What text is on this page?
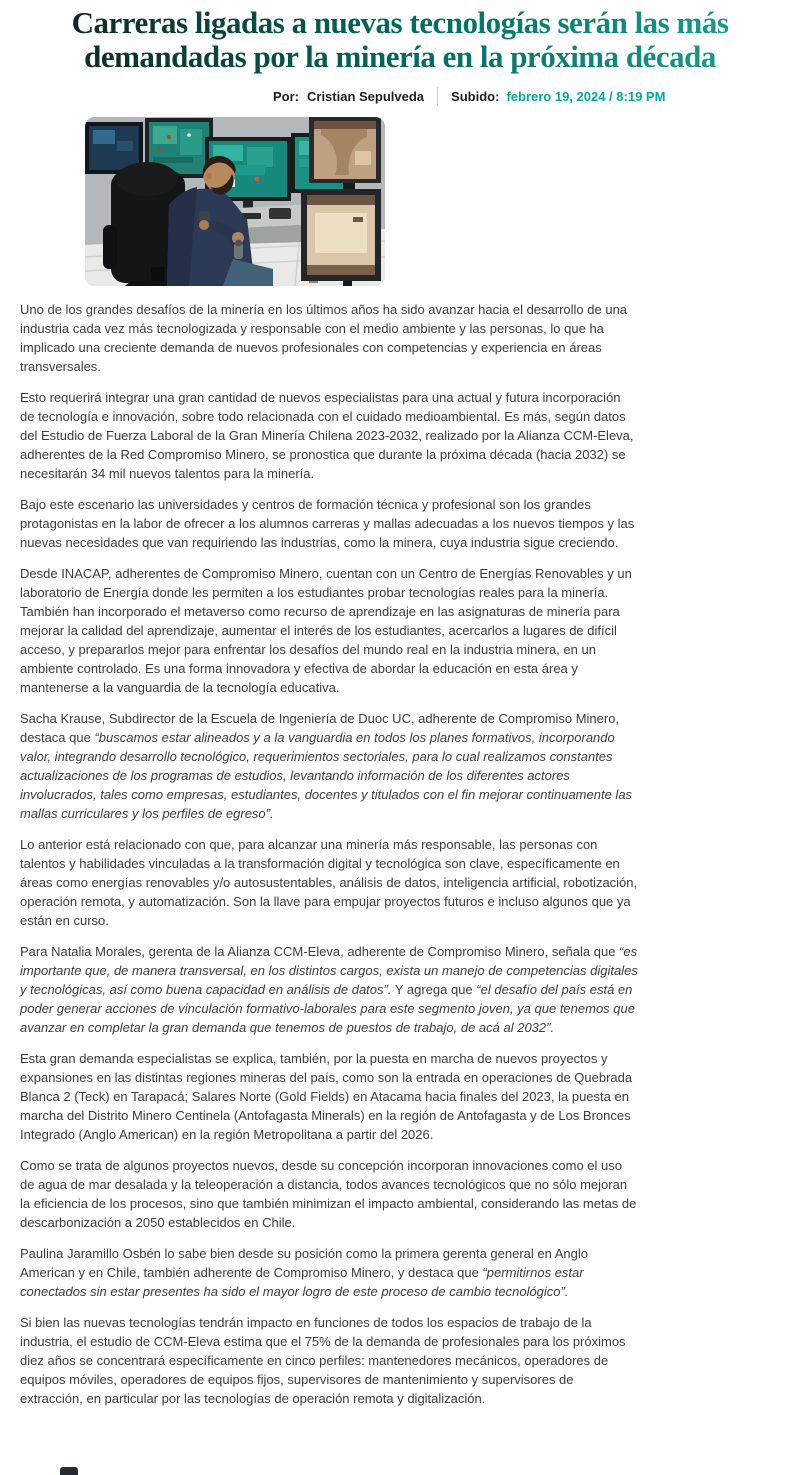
Carreras ligadas a nuevas tecnologías serán las más
demandadas por la minería en la próxima década
Por: Cristian Sepulveda Subido: febrero 19, 2024 / 8:19 PM

Uno de los grandes desafíos de la minería en los últimos años ha sido avanzar hacia el desarrollo de una industria cada vez más tecnologizada y responsable con el medio ambiente y las personas, lo que ha implicado una creciente demanda de nuevos profesionales con competencias y experiencia en áreas transversales.

Esto requerirá integrar una gran cantidad de nuevos especialistas para una actual y futura incorporación de tecnología e innovación, sobre todo relacionada con el cuidado medioambiental. Es más, según datos del Estudio de Fuerza Laboral de la Gran Minería Chilena 2023-2032, realizado por la Alianza CCM-Eleva, adherentes de la Red Compromiso Minero, se pronostica que durante la próxima década (hacia 2032) se necesitarán 34 mil nuevos talentos para la minería.

Bajo este escenario las universidades y centros de formación técnica y profesional son los grandes protagonistas en la labor de ofrecer a los alumnos carreras y mallas adecuadas a los nuevos tiempos y las nuevas necesidades que van requiriendo las industrias, como la minera, cuya industria sigue creciendo.

Desde INACAP, adherentes de Compromiso Minero, cuentan con un Centro de Energías Renovables y un laboratorio de Energía donde les permiten a los estudiantes probar tecnologías reales para la minería. También han incorporado el metaverso como recurso de aprendizaje en las asignaturas de minería para mejorar la calidad del aprendizaje, aumentar el interés de los estudiantes, acercarlos a lugares de difícil acceso, y prepararlos mejor para enfrentar los desafíos del mundo real en la industria minera, en un ambiente controlado. Es una forma innovadora y efectiva de abordar la educación en esta área y mantenerse a la vanguardia de la tecnología educativa.

Sacha Krause, Subdirector de la Escuela de Ingeniería de Duoc UC, adherente de Compromiso Minero, destaca que “buscamos estar alineados y a la vanguardia en todos los planes formativos, incorporando valor, integrando desarrollo tecnológico, requerimientos sectoriales, para lo cual realizamos constantes actualizaciones de los programas de estudios, levantando información de los diferentes actores involucrados, tales como empresas, estudiantes, docentes y titulados con el fin mejorar continuamente las mallas curriculares y los perfiles de egreso”.

Lo anterior está relacionado con que, para alcanzar una minería más responsable, las personas con talentos y habilidades vinculadas a la transformación digital y tecnológica son clave, específicamente en áreas como energías renovables y/o autosustentables, análisis de datos, inteligencia artificial, robotización, operación remota, y automatización. Son la llave para empujar proyectos futuros e incluso algunos que ya están en curso.

Para Natalia Morales, gerenta de la Alianza CCM-Eleva, adherente de Compromiso Minero, señala que “es importante que, de manera transversal, en los distintos cargos, exista un manejo de competencias digitales y tecnológicas, así como buena capacidad en análisis de datos”. Y agrega que “el desafío del país está en poder generar acciones de vinculación formativo-laborales para este segmento joven, ya que tenemos que avanzar en completar la gran demanda que tenemos de puestos de trabajo, de acá al 2032”.

Esta gran demanda especialistas se explica, también, por la puesta en marcha de nuevos proyectos y expansiones en las distintas regiones mineras del país, como son la entrada en operaciones de Quebrada Blanca 2 (Teck) en Tarapacá; Salares Norte (Gold Fields) en Atacama hacia finales del 2023, la puesta en marcha del Distrito Minero Centinela (Antofagasta Minerals) en la región de Antofagasta y de Los Bronces Integrado (Anglo American) en la región Metropolitana a partir del 2026.

Como se trata de algunos proyectos nuevos, desde su concepción incorporan innovaciones como el uso de agua de mar desalada y la teleoperación a distancia, todos avances tecnológicos que no sólo mejoran la eficiencia de los procesos, sino que también minimizan el impacto ambiental, considerando las metas de descarbonización a 2050 establecidos en Chile.

Paulina Jaramillo Osbén lo sabe bien desde su posición como la primera gerenta general en Anglo American y en Chile, también adherente de Compromiso Minero, y destaca que “permitirnos estar conectados sin estar presentes ha sido el mayor logro de este proceso de cambio tecnológico”.

Si bien las nuevas tecnologías tendrán impacto en funciones de todos los espacios de trabajo de la industria, el estudio de CCM-Eleva estima que el 75% de la demanda de profesionales para los próximos diez años se concentrará específicamente en cinco perfiles: mantenedores mecánicos, operadores de equipos móviles, operadores de equipos fijos, supervisores de mantenimiento y supervisores de extracción, en particular por las tecnologías de operación remota y digitalización.
